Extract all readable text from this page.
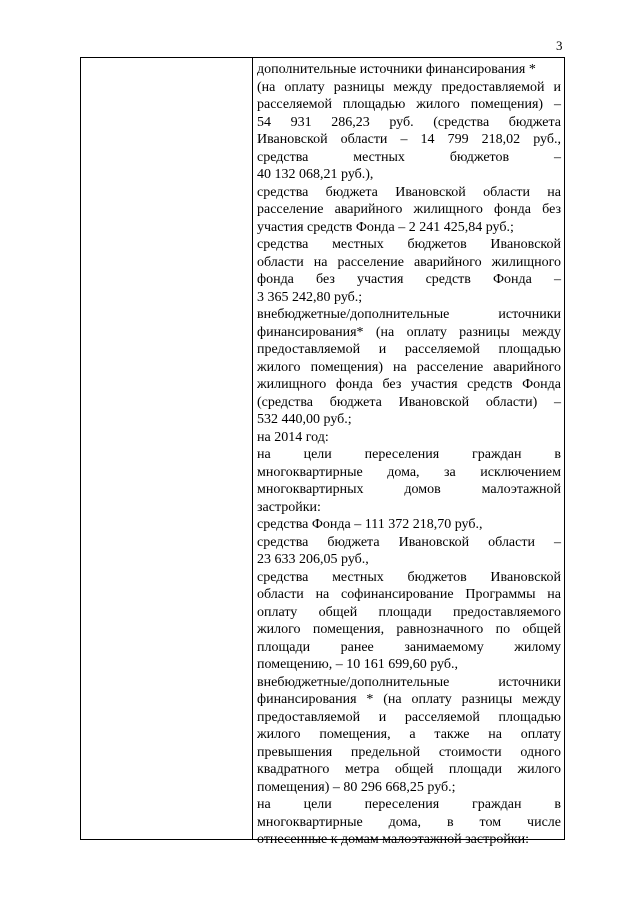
3
дополнительные источники финансирования *
(на оплату разницы между предоставляемой и
расселяемой площадью жилого помещения) –
54 931 286,23 руб. (средства бюджета
Ивановской области – 14 799 218,02 руб.,
средства местных бюджетов –
40 132 068,21 руб.),
средства бюджета Ивановской области на
расселение аварийного жилищного фонда без
участия средств Фонда – 2 241 425,84 руб.;
средства местных бюджетов Ивановской
области на расселение аварийного жилищного
фонда без участия средств Фонда –
3 365 242,80 руб.;
внебюджетные/дополнительные источники
финансирования* (на оплату разницы между
предоставляемой и расселяемой площадью
жилого помещения) на расселение аварийного
жилищного фонда без участия средств Фонда
(средства бюджета Ивановской области) –
532 440,00 руб.;
на 2014 год:
на цели переселения граждан в
многоквартирные дома, за исключением
многоквартирных домов малоэтажной
застройки:
средства Фонда – 111 372 218,70 руб.,
средства бюджета Ивановской области –
23 633 206,05 руб.,
средства местных бюджетов Ивановской
области на софинансирование Программы на
оплату общей площади предоставляемого
жилого помещения, равнозначного по общей
площади ранее занимаемому жилому
помещению, – 10 161 699,60 руб.,
внебюджетные/дополнительные источники
финансирования * (на оплату разницы между
предоставляемой и расселяемой площадью
жилого помещения, а также на оплату
превышения предельной стоимости одного
квадратного метра общей площади жилого
помещения) – 80 296 668,25 руб.;
на цели переселения граждан в
многоквартирные дома, в том числе
отнесенные к домам малоэтажной застройки:
